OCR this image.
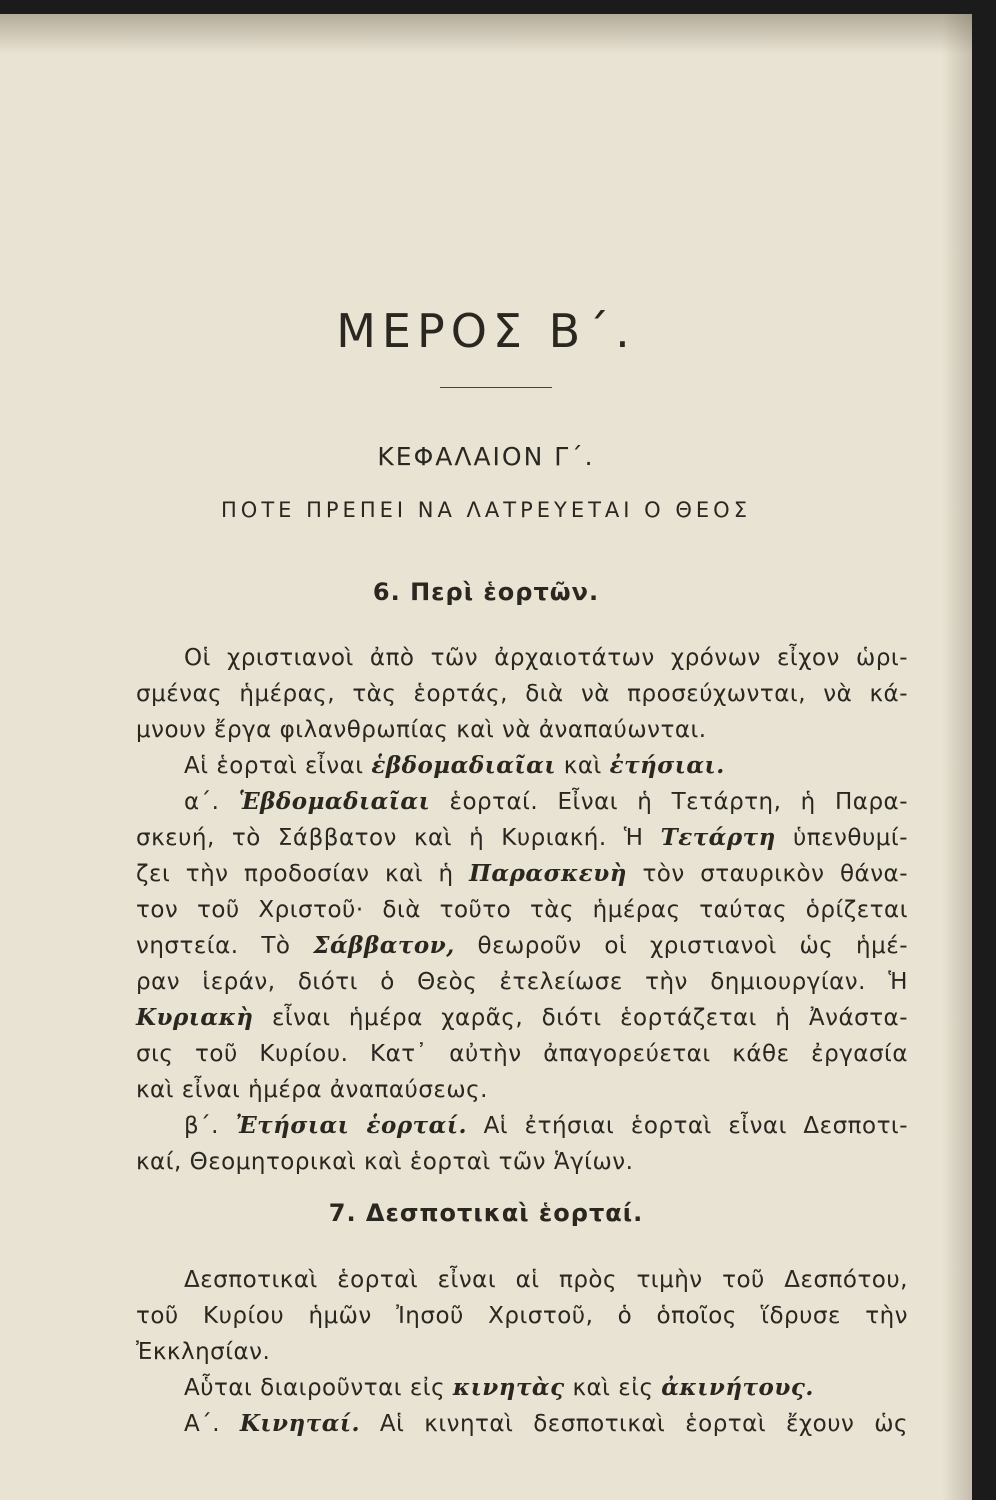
ΜΕΡΟΣ Β΄.
ΚΕΦΑΛΑΙΟΝ Γ΄.
ΠΟΤΕ ΠΡΕΠΕΙ ΝΑ ΛΑΤΡΕΥΕΤΑΙ Ο ΘΕΟΣ
6. Περὶ ἑορτῶν.
Οἱ χριστιανοὶ ἀπὸ τῶν ἀρχαιοτάτων χρόνων εἶχον ὡρι-
σμένας ἡμέρας, τὰς ἑορτάς, διὰ νὰ προσεύχωνται, νὰ κά-
μνουν ἔργα φιλανθρωπίας καὶ νὰ ἀναπαύωνται.
Αἱ ἑορταὶ εἶναι ἑβδομαδιαῖαι καὶ ἐτήσιαι.
α΄. Ἑβδομαδιαῖαι ἑορταί. Εἶναι ἡ Τετάρτη, ἡ Παρα-
σκευή, τὸ Σάββατον καὶ ἡ Κυριακή. Ἡ Τετάρτη ὑπενθυμί-
ζει τὴν προδοσίαν καὶ ἡ Παρασκευὴ τὸν σταυρικὸν θάνα-
τον τοῦ Χριστοῦ· διὰ τοῦτο τὰς ἡμέρας ταύτας ὁρίζεται
νηστεία. Τὸ Σάββατον, θεωροῦν οἱ χριστιανοὶ ὡς ἡμέ-
ραν ἱεράν, διότι ὁ Θεὸς ἐτελείωσε τὴν δημιουργίαν. Ἡ
Κυριακὴ εἶναι ἡμέρα χαρᾶς, διότι ἑορτάζεται ἡ Ἀνάστα-
σις τοῦ Κυρίου. Κατ᾽ αὐτὴν ἀπαγορεύεται κάθε ἐργασία
καὶ εἶναι ἡμέρα ἀναπαύσεως.
β΄. Ἐτήσιαι ἑορταί. Αἱ ἐτήσιαι ἑορταὶ εἶναι Δεσποτι-
καί, Θεομητορικαὶ καὶ ἑορταὶ τῶν Ἁγίων.
7. Δεσποτικαὶ ἑορταί.
Δεσποτικαὶ ἑορταὶ εἶναι αἱ πρὸς τιμὴν τοῦ Δεσπότου,
τοῦ Κυρίου ἡμῶν Ἰησοῦ Χριστοῦ, ὁ ὁποῖος ἵδρυσε τὴν
Ἐκκλησίαν.
Αὗται διαιροῦνται εἰς κινητὰς καὶ εἰς ἀκινήτους.
Α΄. Κινηταί. Αἱ κινηταὶ δεσποτικαὶ ἑορταὶ ἔχουν ὡς
